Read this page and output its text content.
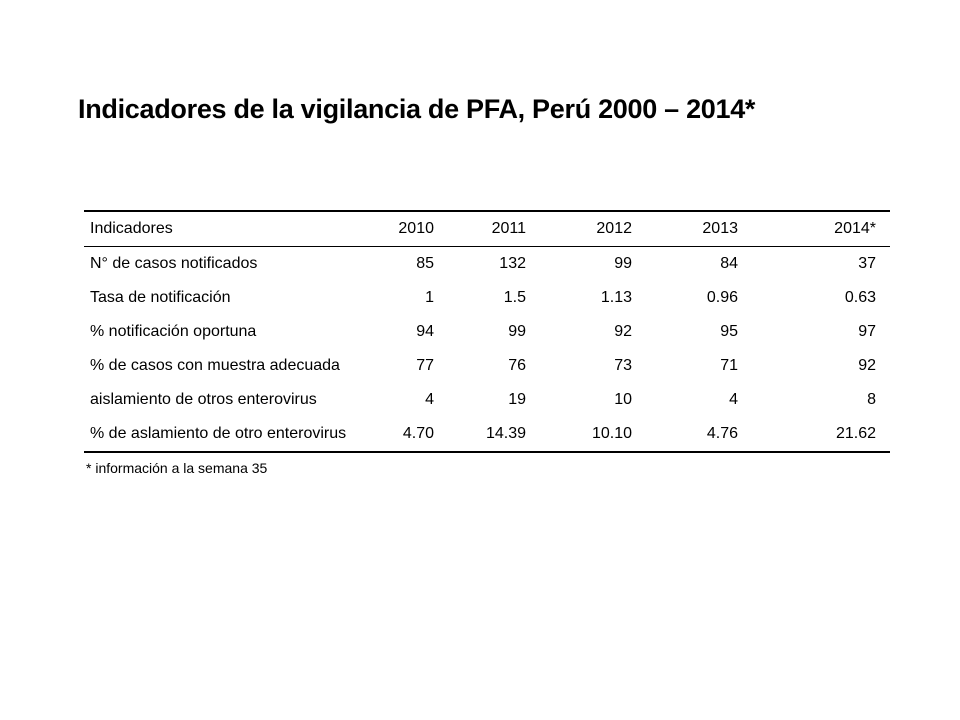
Indicadores de la vigilancia de PFA, Perú 2000 – 2014*
Indicadores	2010	2011	2012	2013	2014*
N° de casos notificados	85	132	99	84	37
Tasa de notificación	1	1.5	1.13	0.96	0.63
% notificación oportuna	94	99	92	95	97
% de casos con muestra adecuada	77	76	73	71	92
aislamiento de otros enterovirus	4	19	10	4	8
% de aslamiento de otro enterovirus	4.70	14.39	10.10	4.76	21.62
* información a la semana 35
